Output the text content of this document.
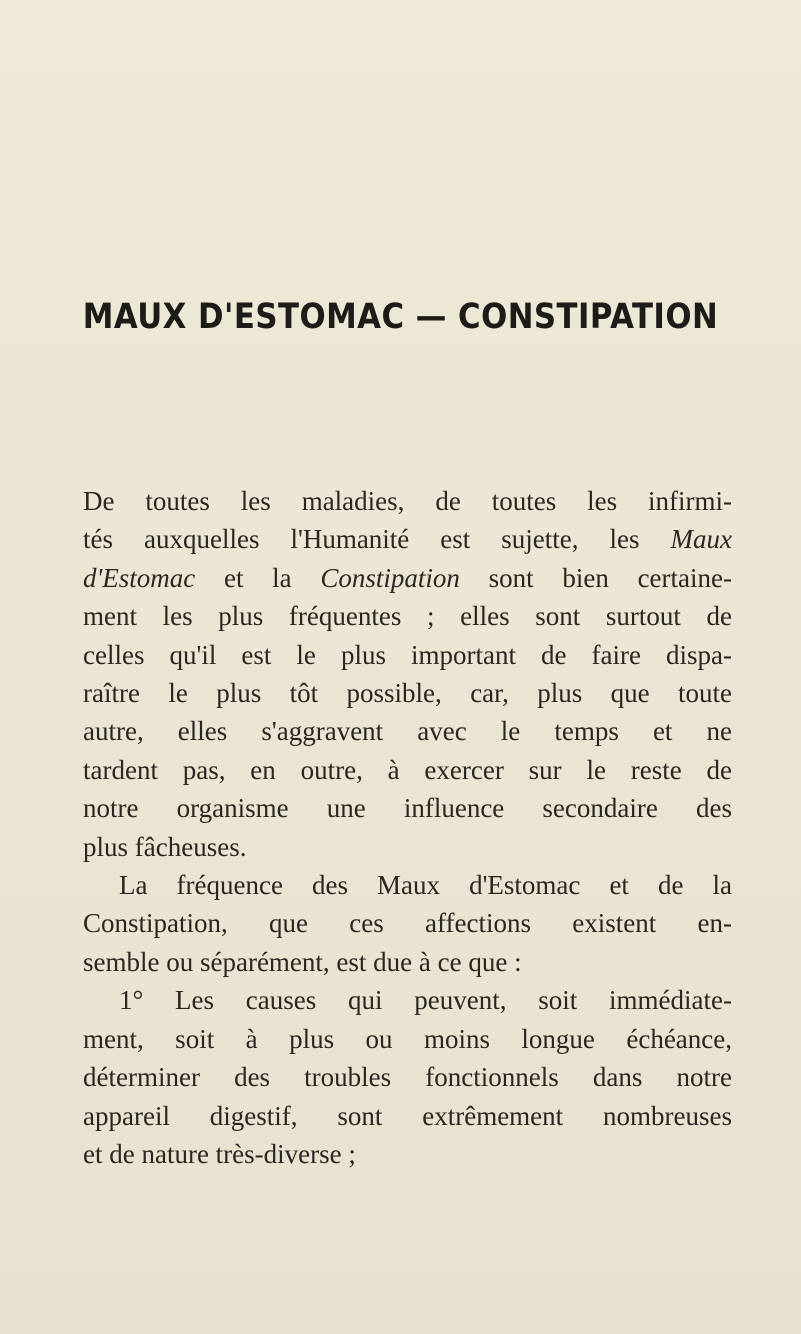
MAUX D'ESTOMAC — CONSTIPATION
De toutes les maladies, de toutes les infirmi-
tés auxquelles l'Humanité est sujette, les Maux
d'Estomac et la Constipation sont bien certaine-
ment les plus fréquentes ; elles sont surtout de
celles qu'il est le plus important de faire dispa-
raître le plus tôt possible, car, plus que toute
autre, elles s'aggravent avec le temps et ne
tardent pas, en outre, à exercer sur le reste de
notre organisme une influence secondaire des
plus fâcheuses.
La fréquence des Maux d'Estomac et de la
Constipation, que ces affections existent en-
semble ou séparément, est due à ce que :
1° Les causes qui peuvent, soit immédiate-
ment, soit à plus ou moins longue échéance,
déterminer des troubles fonctionnels dans notre
appareil digestif, sont extrêmement nombreuses
et de nature très-diverse ;
